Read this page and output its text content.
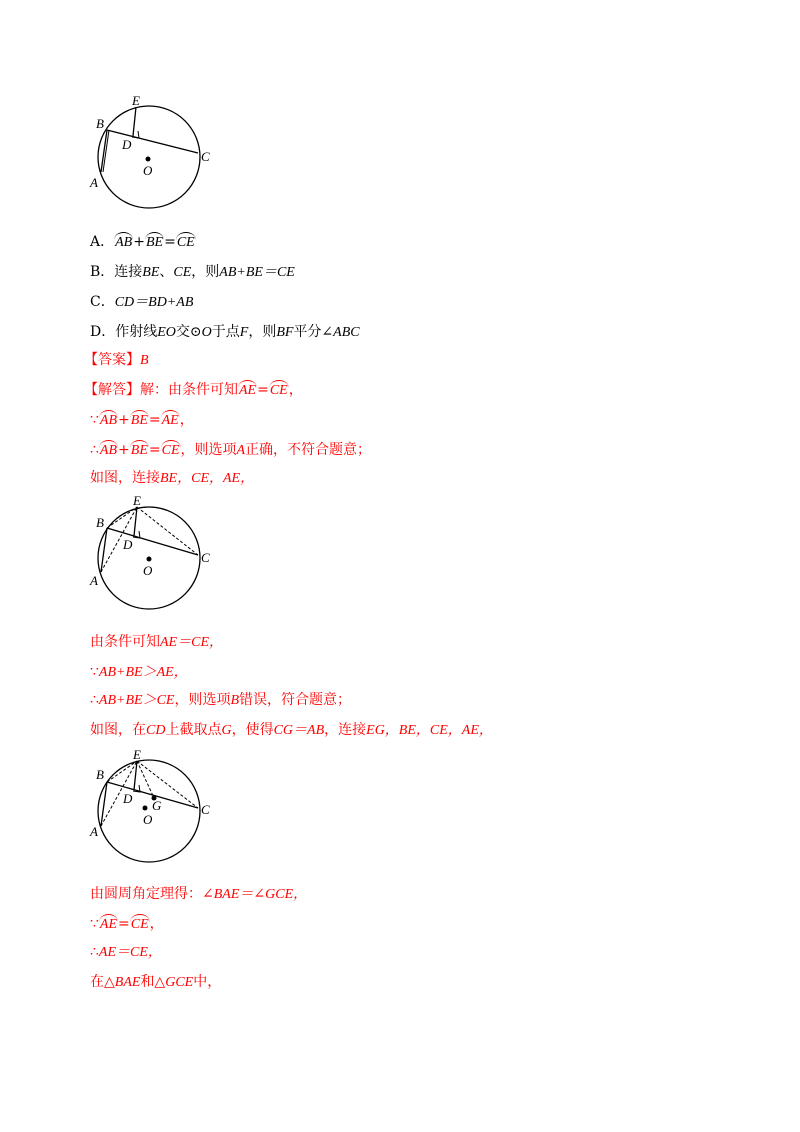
E
B
D
O
C
A
A．AB+BE=CE
B．连接BE、CE，则AB+BE＝CE
C．CD＝BD+AB
D．作射线EO交⊙O于点F，则BF平分∠ABC
【答案】B
【解答】解：由条件可知AE=CE，
∵AB+BE=AE，
∴AB+BE=CE，则选项A正确，不符合题意；
如图，连接BE，CE，AE，
E
B
D
O
C
A
由条件可知AE＝CE，
∵AB+BE＞AE，
∴AB+BE＞CE，则选项B错误，符合题意；
如图，在CD上截取点G，使得CG＝AB，连接EG，BE，CE，AE，
E
B
D G
O
C
A
由圆周角定理得：∠BAE＝∠GCE，
∵AE=CE，
∴AE＝CE，
在△BAE和△GCE中，
